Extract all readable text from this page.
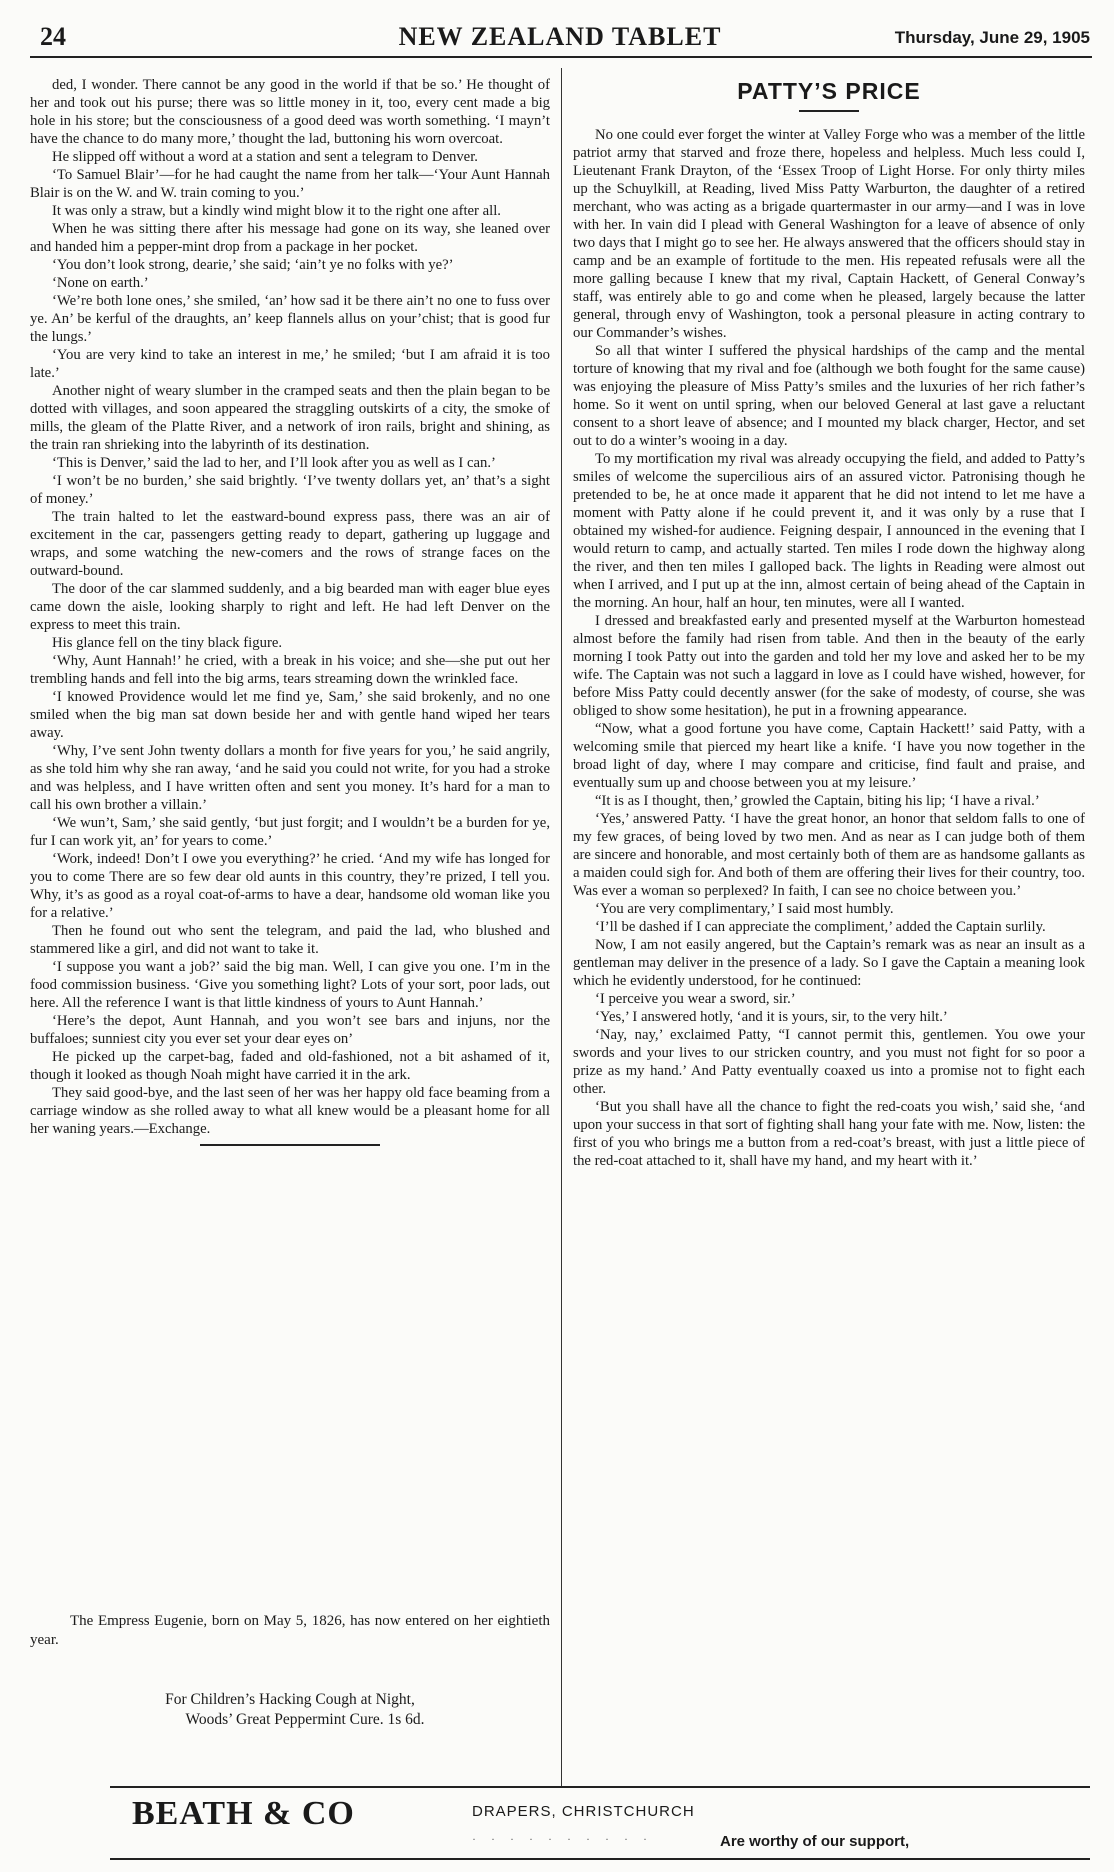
24	NEW ZEALAND TABLET	Thursday, June 29, 1905

ded, I wonder. There cannot be any good in the world if that be so.’ He thought of her and took out his purse; there was so little money in it, too, every cent made a big hole in his store; but the consciousness of a good deed was worth something. ‘I mayn’t have the chance to do many more,’ thought the lad, buttoning his worn overcoat.

He slipped off without a word at a station and sent a telegram to Denver.

‘To Samuel Blair’—for he had caught the name from her talk—‘Your Aunt Hannah Blair is on the W. and W. train coming to you.’

It was only a straw, but a kindly wind might blow it to the right one after all.

When he was sitting there after his message had gone on its way, she leaned over and handed him a pepper-mint drop from a package in her pocket.

‘You don’t look strong, dearie,’ she said; ‘ain’t ye no folks with ye?’

‘None on earth.’

‘We’re both lone ones,’ she smiled, ‘an’ how sad it be there ain’t no one to fuss over ye. An’ be kerful of the draughts, an’ keep flannels allus on your’chist; that is good fur the lungs.’

‘You are very kind to take an interest in me,’ he smiled; ‘but I am afraid it is too late.’

Another night of weary slumber in the cramped seats and then the plain began to be dotted with villages, and soon appeared the straggling outskirts of a city, the smoke of mills, the gleam of the Platte River, and a network of iron rails, bright and shining, as the train ran shrieking into the labyrinth of its destination.

‘This is Denver,’ said the lad to her, and I’ll look after you as well as I can.’

‘I won’t be no burden,’ she said brightly. ‘I’ve twenty dollars yet, an’ that’s a sight of money.’

The train halted to let the eastward-bound express pass, there was an air of excitement in the car, passengers getting ready to depart, gathering up luggage and wraps, and some watching the new-comers and the rows of strange faces on the outward-bound.

The door of the car slammed suddenly, and a big bearded man with eager blue eyes came down the aisle, looking sharply to right and left. He had left Denver on the express to meet this train.

His glance fell on the tiny black figure.

‘Why, Aunt Hannah!’ he cried, with a break in his voice; and she—she put out her trembling hands and fell into the big arms, tears streaming down the wrinkled face.

‘I knowed Providence would let me find ye, Sam,’ she said brokenly, and no one smiled when the big man sat down beside her and with gentle hand wiped her tears away.

‘Why, I’ve sent John twenty dollars a month for five years for you,’ he said angrily, as she told him why she ran away, ‘and he said you could not write, for you had a stroke and was helpless, and I have written often and sent you money. It’s hard for a man to call his own brother a villain.’

‘We wun’t, Sam,’ she said gently, ‘but just forgit; and I wouldn’t be a burden for ye, fur I can work yit, an’ for years to come.’

‘Work, indeed! Don’t I owe you everything?’ he cried. ‘And my wife has longed for you to come There are so few dear old aunts in this country, they’re prized, I tell you. Why, it’s as good as a royal coat-of-arms to have a dear, handsome old woman like you for a relative.’

Then he found out who sent the telegram, and paid the lad, who blushed and stammered like a girl, and did not want to take it.

‘I suppose you want a job?’ said the big man. Well, I can give you one. I’m in the food commission business. ‘Give you something light? Lots of your sort, poor lads, out here. All the reference I want is that little kindness of yours to Aunt Hannah.’

‘Here’s the depot, Aunt Hannah, and you won’t see bars and injuns, nor the buffaloes; sunniest city you ever set your dear eyes on’

He picked up the carpet-bag, faded and old-fashioned, not a bit ashamed of it, though it looked as though Noah might have carried it in the ark.

They said good-bye, and the last seen of her was her happy old face beaming from a carriage window as she rolled away to what all knew would be a pleasant home for all her waning years.—Exchange.

The Empress Eugenie, born on May 5, 1826, has now entered on her eightieth year.

For Children’s Hacking Cough at Night,
Woods’ Great Peppermint Cure. 1s 6d.
PATTY’S PRICE

No one could ever forget the winter at Valley Forge who was a member of the little patriot army that starved and froze there, hopeless and helpless. Much less could I, Lieutenant Frank Drayton, of the ‘Essex Troop of Light Horse. For only thirty miles up the Schuylkill, at Reading, lived Miss Patty Warburton, the daughter of a retired merchant, who was acting as a brigade quartermaster in our army—and I was in love with her. In vain did I plead with General Washington for a leave of absence of only two days that I might go to see her. He always answered that the officers should stay in camp and be an example of fortitude to the men. His repeated refusals were all the more galling because I knew that my rival, Captain Hackett, of General Conway’s staff, was entirely able to go and come when he pleased, largely because the latter general, through envy of Washington, took a personal pleasure in acting contrary to our Commander’s wishes.

So all that winter I suffered the physical hardships of the camp and the mental torture of knowing that my rival and foe (although we both fought for the same cause) was enjoying the pleasure of Miss Patty’s smiles and the luxuries of her rich father’s home. So it went on until spring, when our beloved General at last gave a reluctant consent to a short leave of absence; and I mounted my black charger, Hector, and set out to do a winter’s wooing in a day.

To my mortification my rival was already occupying the field, and added to Patty’s smiles of welcome the supercilious airs of an assured victor. Patronising though he pretended to be, he at once made it apparent that he did not intend to let me have a moment with Patty alone if he could prevent it, and it was only by a ruse that I obtained my wished-for audience. Feigning despair, I announced in the evening that I would return to camp, and actually started. Ten miles I rode down the highway along the river, and then ten miles I galloped back. The lights in Reading were almost out when I arrived, and I put up at the inn, almost certain of being ahead of the Captain in the morning. An hour, half an hour, ten minutes, were all I wanted.

I dressed and breakfasted early and presented myself at the Warburton homestead almost before the family had risen from table. And then in the beauty of the early morning I took Patty out into the garden and told her my love and asked her to be my wife. The Captain was not such a laggard in love as I could have wished, however, for before Miss Patty could decently answer (for the sake of modesty, of course, she was obliged to show some hesitation), he put in a frowning appearance.

“Now, what a good fortune you have come, Captain Hackett!’ said Patty, with a welcoming smile that pierced my heart like a knife. ‘I have you now together in the broad light of day, where I may compare and criticise, find fault and praise, and eventually sum up and choose between you at my leisure.’

“It is as I thought, then,’ growled the Captain, biting his lip; ‘I have a rival.’

‘Yes,’ answered Patty. ‘I have the great honor, an honor that seldom falls to one of my few graces, of being loved by two men. And as near as I can judge both of them are sincere and honorable, and most certainly both of them are as handsome gallants as a maiden could sigh for. And both of them are offering their lives for their country, too. Was ever a woman so perplexed? In faith, I can see no choice between you.’

‘You are very complimentary,’ I said most humbly.

‘I’ll be dashed if I can appreciate the compliment,’ added the Captain surlily.

Now, I am not easily angered, but the Captain’s remark was as near an insult as a gentleman may deliver in the presence of a lady. So I gave the Captain a meaning look which he evidently understood, for he continued:

‘I perceive you wear a sword, sir.’

‘Yes,’ I answered hotly, ‘and it is yours, sir, to the very hilt.’

‘Nay, nay,’ exclaimed Patty, “I cannot permit this, gentlemen. You owe your swords and your lives to our stricken country, and you must not fight for so poor a prize as my hand.’ And Patty eventually coaxed us into a promise not to fight each other.

‘But you shall have all the chance to fight the red-coats you wish,’ said she, ‘and upon your success in that sort of fighting shall hang your fate with me. Now, listen: the first of you who brings me a button from a red-coat’s breast, with just a little piece of the red-coat attached to it, shall have my hand, and my heart with it.’

BEATH & CO	DRAPERS, CHRISTCHURCH
· · · · · · · · · ·	Are worthy of our support,
